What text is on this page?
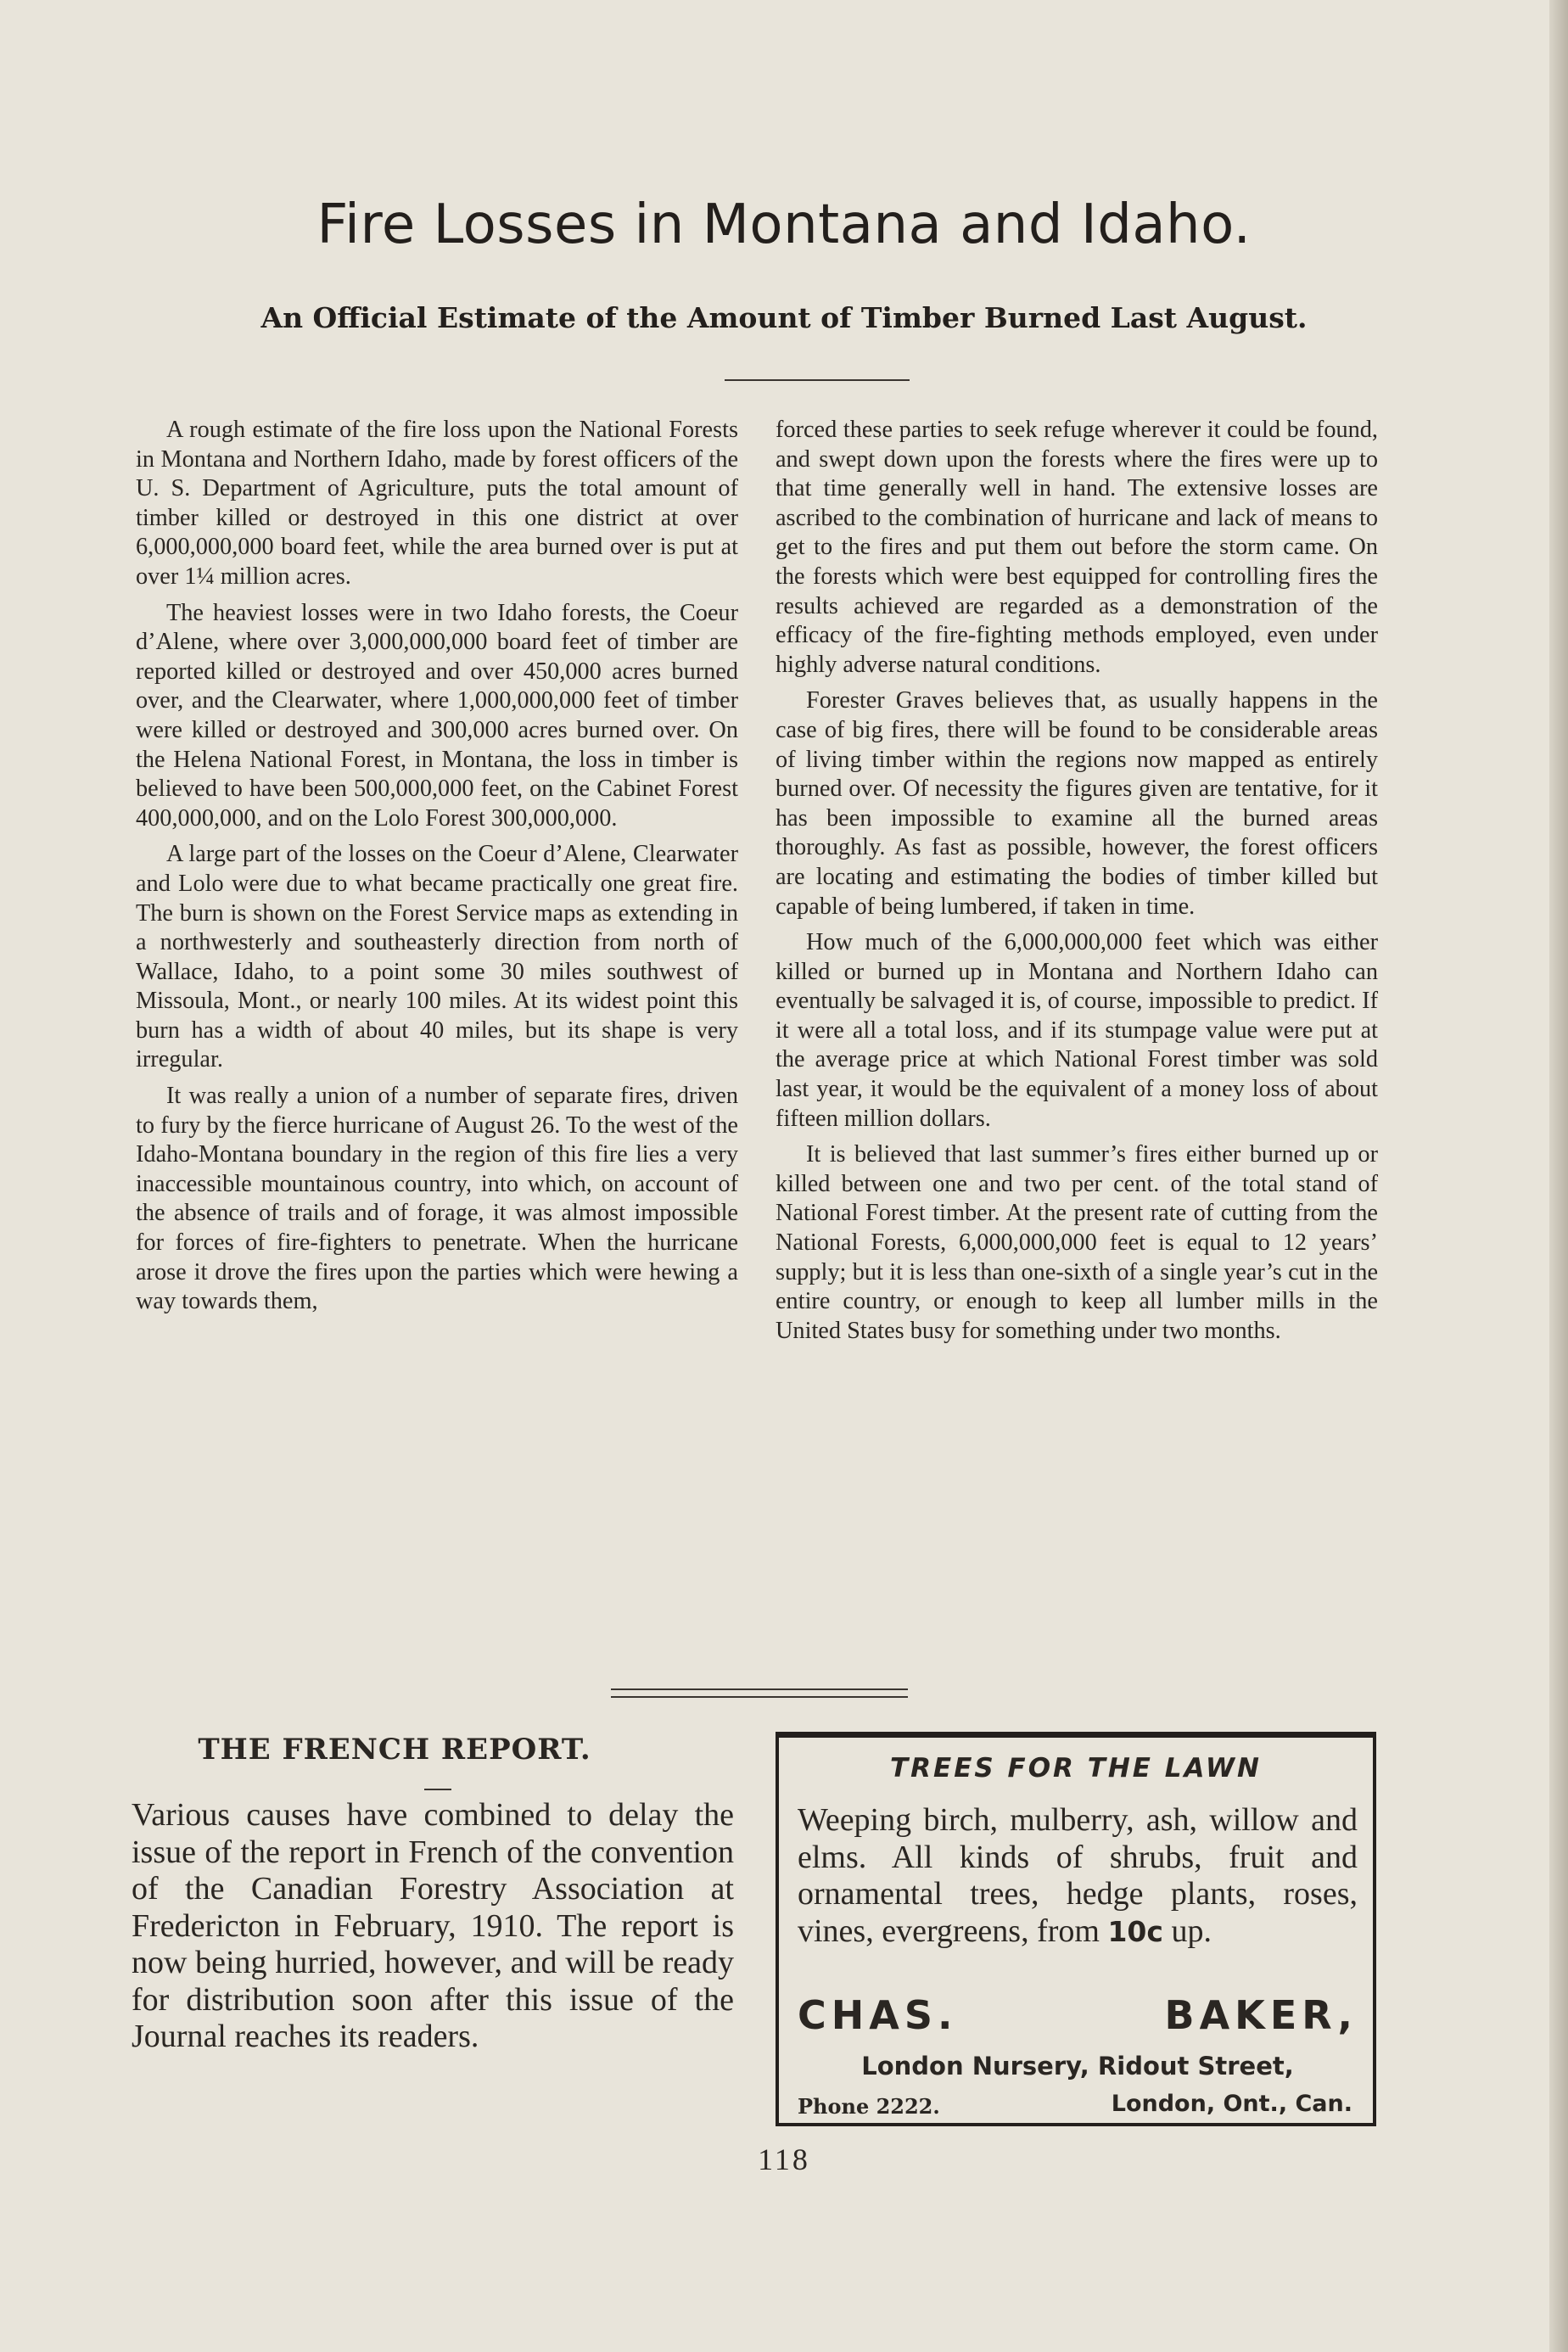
Fire Losses in Montana and Idaho.
An Official Estimate of the Amount of Timber Burned Last August.

A rough estimate of the fire loss upon the National Forests in Montana and Northern Idaho, made by forest officers of the U. S. Department of Agriculture, puts the total amount of timber killed or destroyed in this one district at over 6,000,000,000 board feet, while the area burned over is put at over 1¼ million acres.

The heaviest losses were in two Idaho forests, the Coeur d’Alene, where over 3,000,000,000 board feet of timber are reported killed or destroyed and over 450,000 acres burned over, and the Clearwater, where 1,000,000,000 feet of timber were killed or destroyed and 300,000 acres burned over. On the Helena National Forest, in Montana, the loss in timber is believed to have been 500,000,000 feet, on the Cabinet Forest 400,000,000, and on the Lolo Forest 300,000,000.

A large part of the losses on the Coeur d’Alene, Clearwater and Lolo were due to what became practically one great fire. The burn is shown on the Forest Service maps as extending in a northwesterly and southeasterly direction from north of Wallace, Idaho, to a point some 30 miles southwest of Missoula, Mont., or nearly 100 miles. At its widest point this burn has a width of about 40 miles, but its shape is very irregular.

It was really a union of a number of separate fires, driven to fury by the fierce hurricane of August 26. To the west of the Idaho-Montana boundary in the region of this fire lies a very inaccessible mountainous country, into which, on account of the absence of trails and of forage, it was almost impossible for forces of fire-fighters to penetrate. When the hurricane arose it drove the fires upon the parties which were hewing a way towards them,

forced these parties to seek refuge wherever it could be found, and swept down upon the forests where the fires were up to that time generally well in hand. The extensive losses are ascribed to the combination of hurricane and lack of means to get to the fires and put them out before the storm came. On the forests which were best equipped for controlling fires the results achieved are regarded as a demonstration of the efficacy of the fire-fighting methods employed, even under highly adverse natural conditions.

Forester Graves believes that, as usually happens in the case of big fires, there will be found to be considerable areas of living timber within the regions now mapped as entirely burned over. Of necessity the figures given are tentative, for it has been impossible to examine all the burned areas thoroughly. As fast as possible, however, the forest officers are locating and estimating the bodies of timber killed but capable of being lumbered, if taken in time.

How much of the 6,000,000,000 feet which was either killed or burned up in Montana and Northern Idaho can eventually be salvaged it is, of course, impossible to predict. If it were all a total loss, and if its stumpage value were put at the average price at which National Forest timber was sold last year, it would be the equivalent of a money loss of about fifteen million dollars.

It is believed that last summer’s fires either burned up or killed between one and two per cent. of the total stand of National Forest timber. At the present rate of cutting from the National Forests, 6,000,000,000 feet is equal to 12 years’ supply; but it is less than one-sixth of a single year’s cut in the entire country, or enough to keep all lumber mills in the United States busy for something under two months.

THE FRENCH REPORT.

Various causes have combined to delay the issue of the report in French of the convention of the Canadian Forestry Association at Fredericton in February, 1910. The report is now being hurried, however, and will be ready for distribution soon after this issue of the Journal reaches its readers.

TREES FOR THE LAWN

Weeping birch, mulberry, ash, willow and elms. All kinds of shrubs, fruit and ornamental trees, hedge plants, roses, vines, evergreens, from 10c up.

CHAS. BAKER,

London Nursery, Ridout Street,

Phone 2222.	London, Ont., Can.

118
